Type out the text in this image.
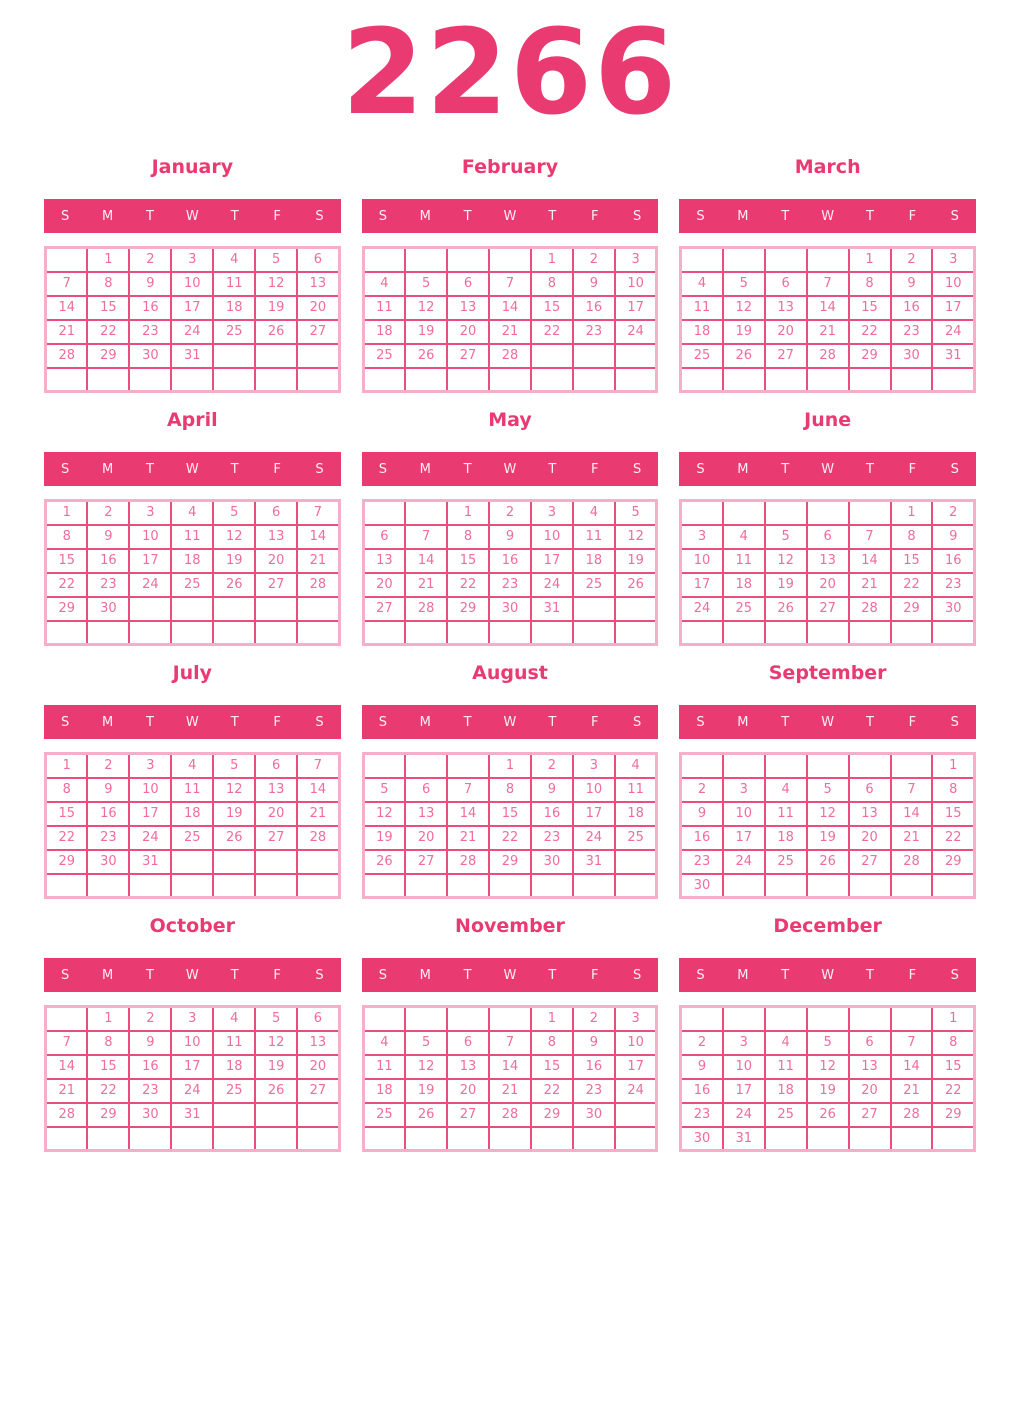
2266
January
S	M	T	W	T	F	S
	1	2	3	4	5	6
7	8	9	10	11	12	13
14	15	16	17	18	19	20
21	22	23	24	25	26	27
28	29	30	31			

February
S	M	T	W	T	F	S
				1	2	3
4	5	6	7	8	9	10
11	12	13	14	15	16	17
18	19	20	21	22	23	24
25	26	27	28			

March
S	M	T	W	T	F	S
				1	2	3
4	5	6	7	8	9	10
11	12	13	14	15	16	17
18	19	20	21	22	23	24
25	26	27	28	29	30	31

April
S	M	T	W	T	F	S
1	2	3	4	5	6	7
8	9	10	11	12	13	14
15	16	17	18	19	20	21
22	23	24	25	26	27	28
29	30					

May
S	M	T	W	T	F	S
		1	2	3	4	5
6	7	8	9	10	11	12
13	14	15	16	17	18	19
20	21	22	23	24	25	26
27	28	29	30	31		

June
S	M	T	W	T	F	S
					1	2
3	4	5	6	7	8	9
10	11	12	13	14	15	16
17	18	19	20	21	22	23
24	25	26	27	28	29	30

July
S	M	T	W	T	F	S
1	2	3	4	5	6	7
8	9	10	11	12	13	14
15	16	17	18	19	20	21
22	23	24	25	26	27	28
29	30	31				

August
S	M	T	W	T	F	S
			1	2	3	4
5	6	7	8	9	10	11
12	13	14	15	16	17	18
19	20	21	22	23	24	25
26	27	28	29	30	31	

September
S	M	T	W	T	F	S
						1
2	3	4	5	6	7	8
9	10	11	12	13	14	15
16	17	18	19	20	21	22
23	24	25	26	27	28	29
30						
October
S	M	T	W	T	F	S
	1	2	3	4	5	6
7	8	9	10	11	12	13
14	15	16	17	18	19	20
21	22	23	24	25	26	27
28	29	30	31			

November
S	M	T	W	T	F	S
				1	2	3
4	5	6	7	8	9	10
11	12	13	14	15	16	17
18	19	20	21	22	23	24
25	26	27	28	29	30	

December
S	M	T	W	T	F	S
						1
2	3	4	5	6	7	8
9	10	11	12	13	14	15
16	17	18	19	20	21	22
23	24	25	26	27	28	29
30	31					
